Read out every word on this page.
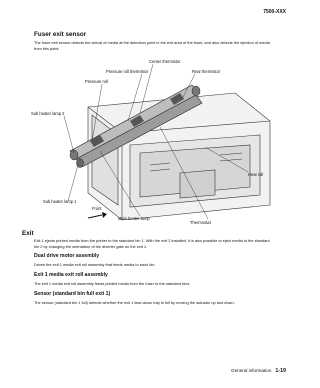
7500-XXX
Fuser exit sensor
The fuser exit sensor detects the arrival of media at the detection point in the exit area of the fuser, and also detects the ejection of media from this point.
Center thermistor
Pressure roll thermistor	Rear thermistor
Pressure roll
Sub heater lamp 2
Heat roll
Sub heater lamp 1
Front
Main heater lamp
Thermostat
Exit
Exit 1 ejects printed media from the printer to the standard bin 1. With the exit 2 installed, it is also possible to eject media to the standard bin 2 by changing the orientation of the diverter gate on the exit 1.
Dual drive motor assembly
Drives the exit 1 media exit roll assembly that feeds media to each bin.
Exit 1 media exit roll assembly
The exit 1 media exit roll assembly feeds printed media from the fuser to the standard bins.
Sensor (standard bin full exit 1)
The sensor (standard bin 1 full) detects whether the exit 1 face-down tray is full by moving the actuator up and down.
General information 1-19
